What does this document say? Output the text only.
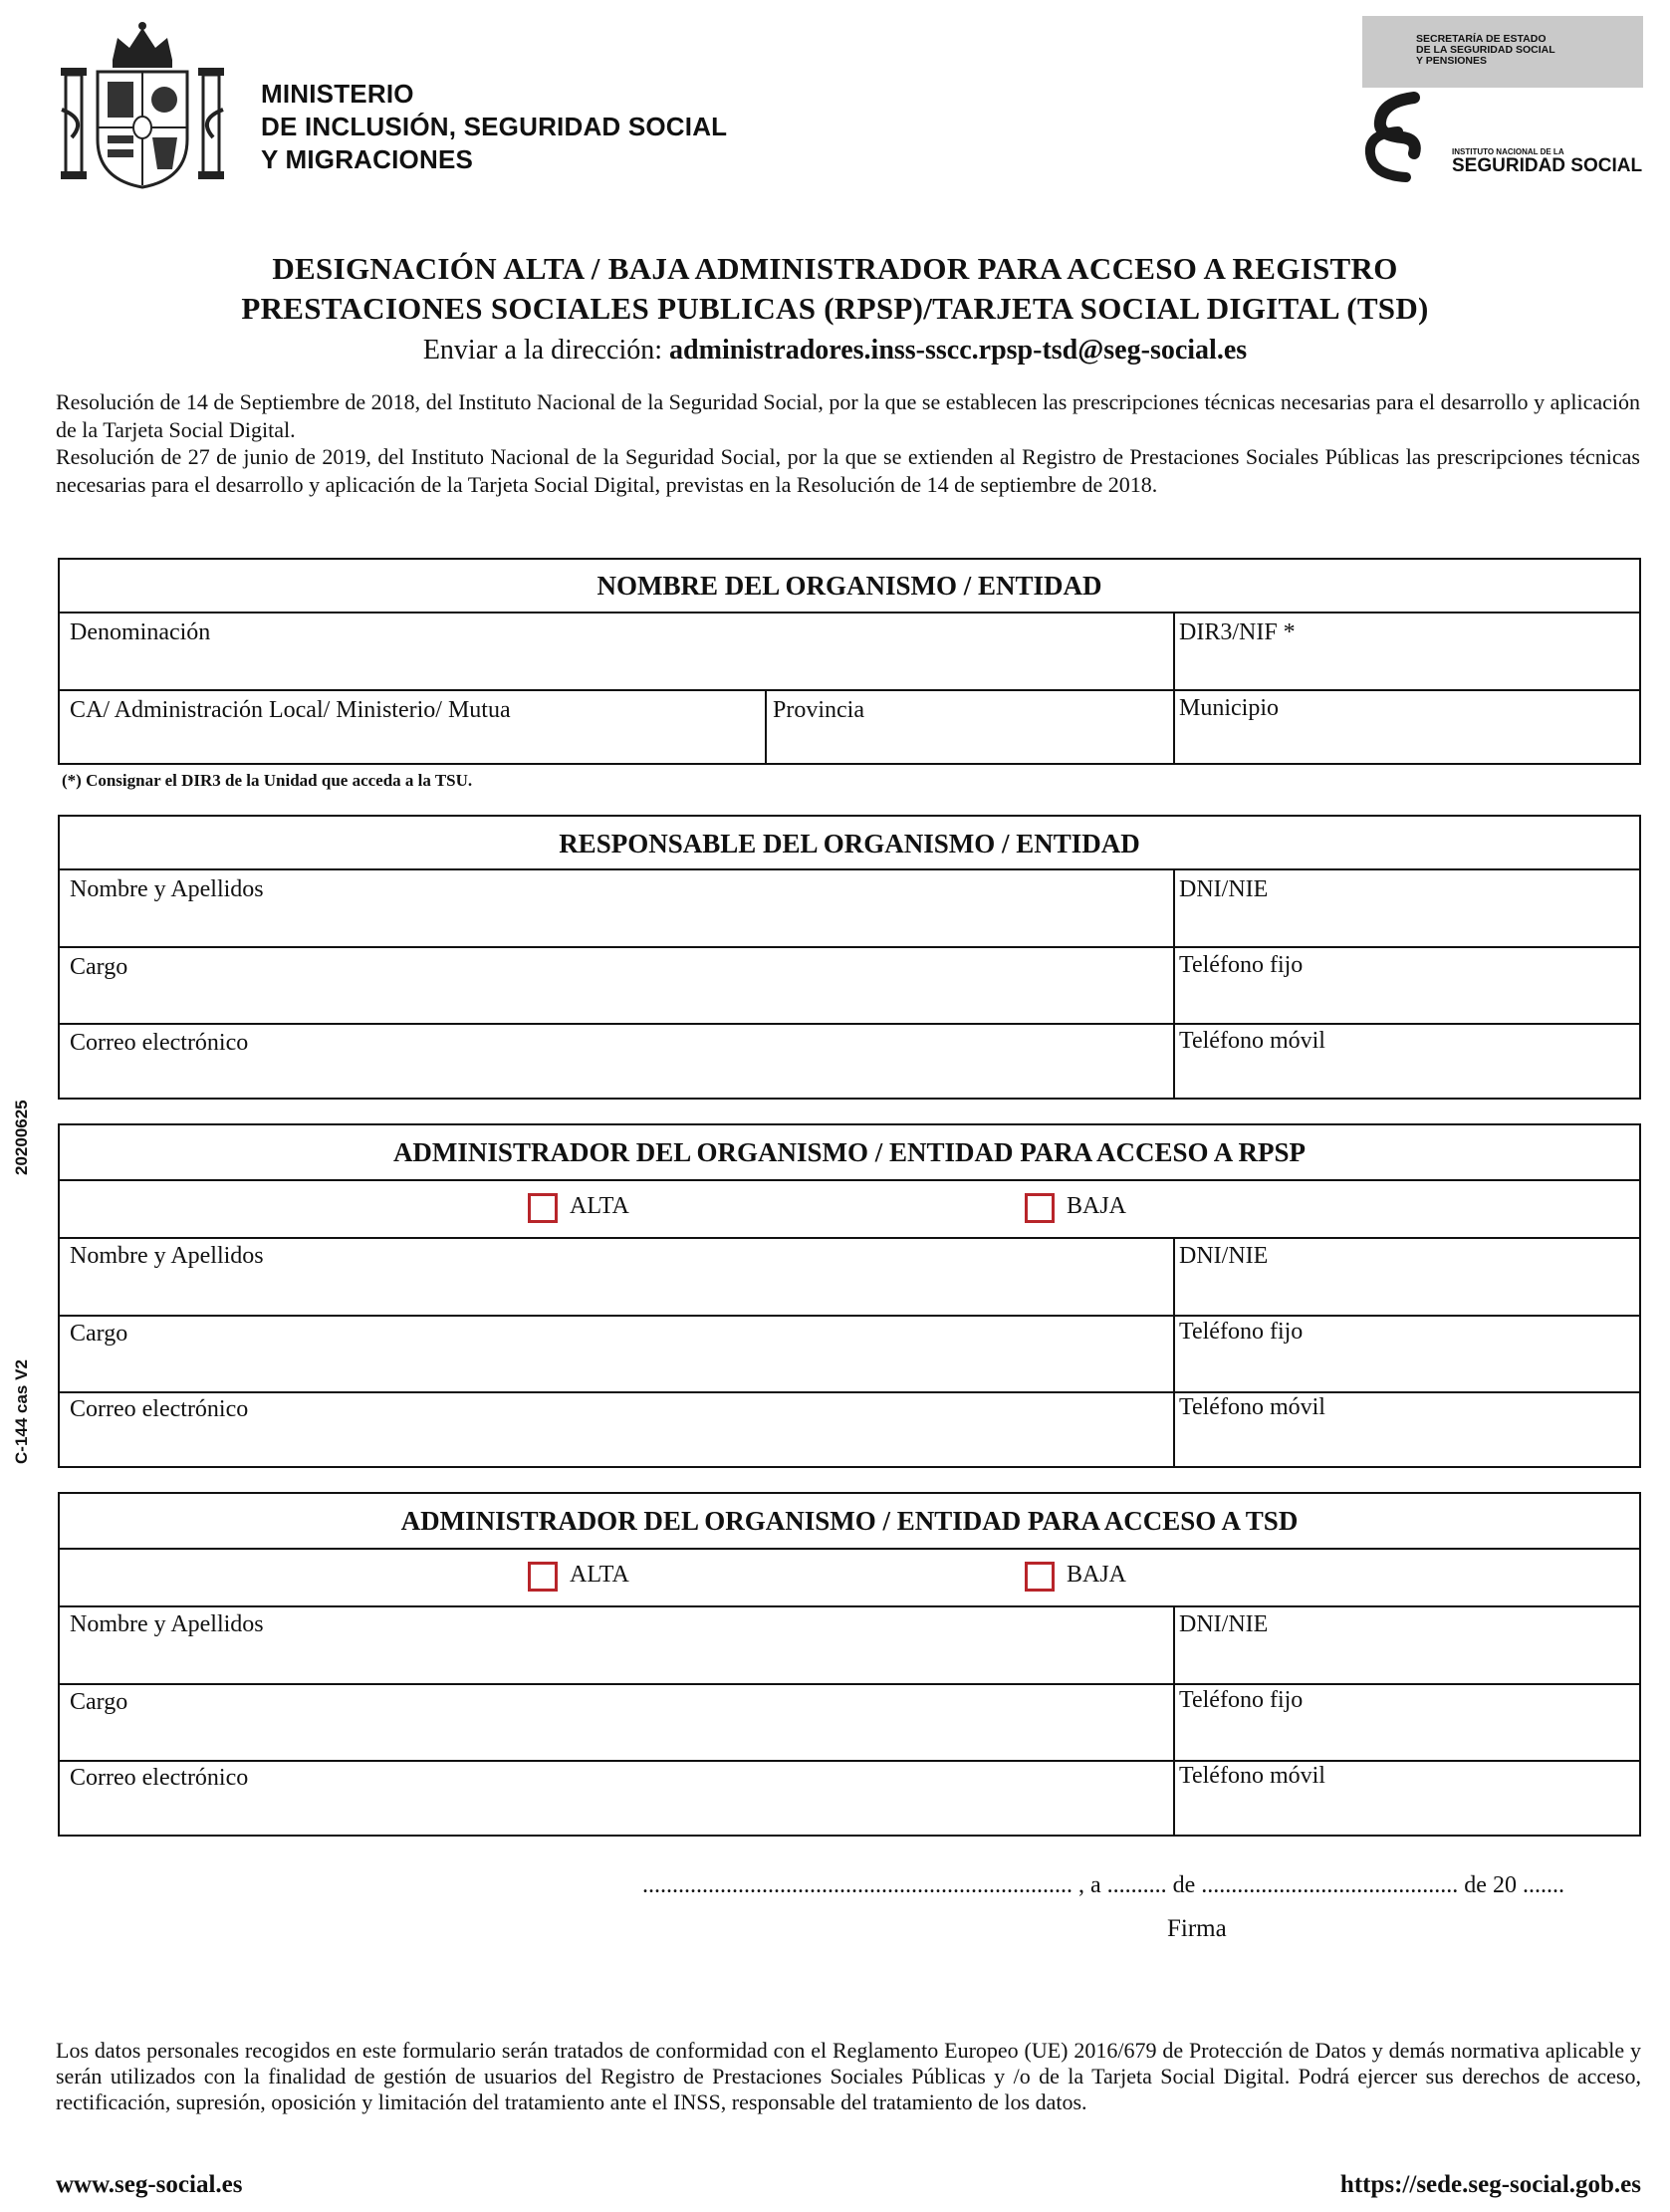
MINISTERIO
DE INCLUSIÓN, SEGURIDAD SOCIAL
Y MIGRACIONES
SECRETARÍA DE ESTADO
DE LA SEGURIDAD SOCIAL
Y PENSIONES
INSTITUTO NACIONAL DE LA
SEGURIDAD SOCIAL
DESIGNACIÓN ALTA / BAJA ADMINISTRADOR PARA ACCESO A REGISTRO
PRESTACIONES SOCIALES PUBLICAS (RPSP)/TARJETA SOCIAL DIGITAL (TSD)
Enviar a la dirección: administradores.inss-sscc.rpsp-tsd@seg-social.es

Resolución de 14 de Septiembre de 2018, del Instituto Nacional de la Seguridad Social, por la que se establecen las prescripciones técnicas necesarias para el desarrollo y aplicación de la Tarjeta Social Digital.

Resolución de 27 de junio de 2019, del Instituto Nacional de la Seguridad Social, por la que se extienden al Registro de Prestaciones Sociales Públicas las prescripciones técnicas necesarias para el desarrollo y aplicación de la Tarjeta Social Digital, previstas en la Resolución de 14 de septiembre de 2018.

NOMBRE DEL ORGANISMO / ENTIDAD
Denominación	DIR3/NIF *
CA/ Administración Local/ Ministerio/ Mutua	Provincia	Municipio
(*) Consignar el DIR3 de la Unidad que acceda a la TSU.
RESPONSABLE DEL ORGANISMO / ENTIDAD
Nombre y Apellidos	DNI/NIE
Cargo	Teléfono fijo
Correo electrónico	Teléfono móvil
ADMINISTRADOR DEL ORGANISMO / ENTIDAD PARA ACCESO A RPSP
ALTA	BAJA
Nombre y Apellidos	DNI/NIE
Cargo	Teléfono fijo
Correo electrónico	Teléfono móvil
ADMINISTRADOR DEL ORGANISMO / ENTIDAD PARA ACCESO A TSD
ALTA	BAJA
Nombre y Apellidos	DNI/NIE
Cargo	Teléfono fijo
Correo electrónico	Teléfono móvil
20200625
C-144 cas V2
........................................................................ , a .......... de ........................................... de 20 .......
Firma
Los datos personales recogidos en este formulario serán tratados de conformidad con el Reglamento Europeo (UE) 2016/679 de Protección de Datos y demás normativa aplicable y serán utilizados con la finalidad de gestión de usuarios del Registro de Prestaciones Sociales Públicas y /o de la Tarjeta Social Digital. Podrá ejercer sus derechos de acceso, rectificación, supresión, oposición y limitación del tratamiento ante el INSS, responsable del tratamiento de los datos.
www.seg-social.es	https://sede.seg-social.gob.es
